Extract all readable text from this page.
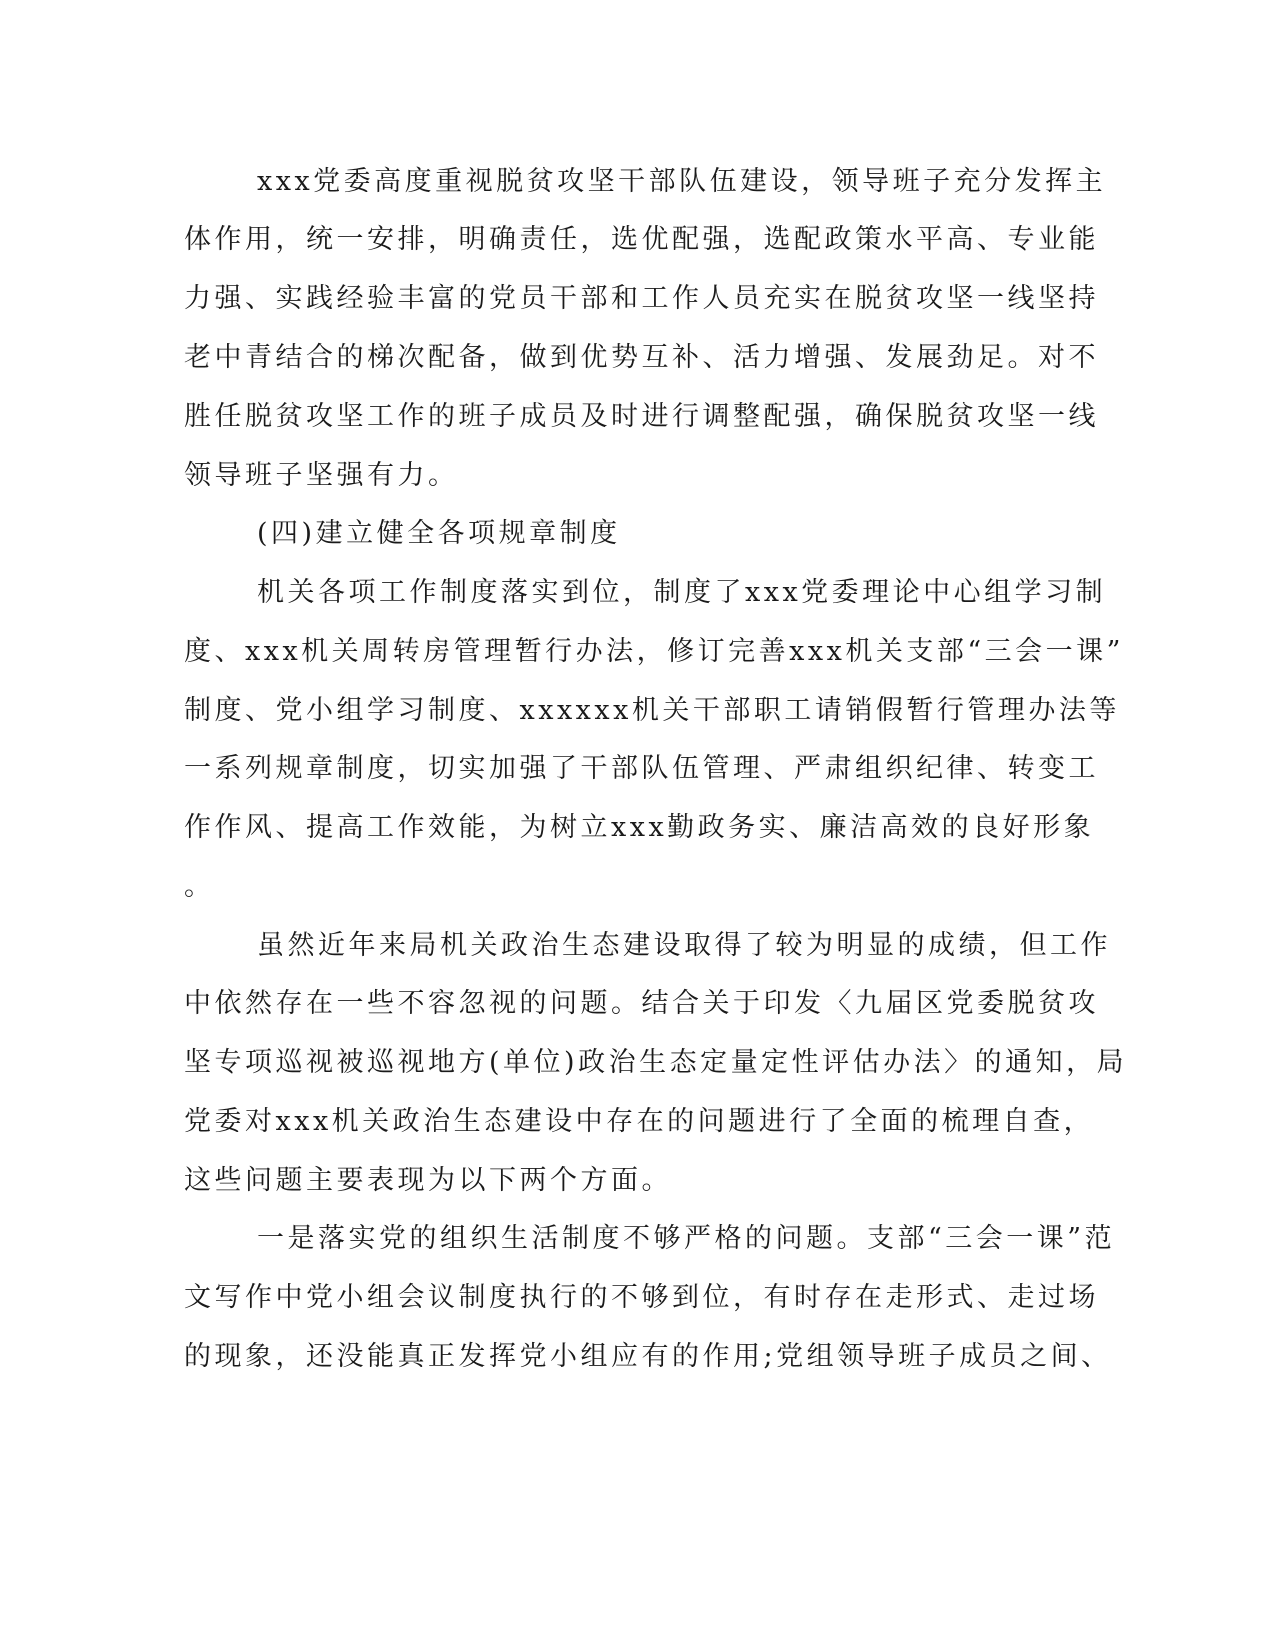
xxx党委高度重视脱贫攻坚干部队伍建设，领导班子充分发挥主
体作用，统一安排，明确责任，选优配强，选配政策水平高、专业能
力强、实践经验丰富的党员干部和工作人员充实在脱贫攻坚一线坚持
老中青结合的梯次配备，做到优势互补、活力增强、发展劲足。对不
胜任脱贫攻坚工作的班子成员及时进行调整配强，确保脱贫攻坚一线
领导班子坚强有力。
(四)建立健全各项规章制度
机关各项工作制度落实到位，制度了xxx党委理论中心组学习制
度、xxx机关周转房管理暂行办法，修订完善xxx机关支部“三会一课”
制度、党小组学习制度、xxxxxx机关干部职工请销假暂行管理办法等
一系列规章制度，切实加强了干部队伍管理、严肃组织纪律、转变工
作作风、提高工作效能，为树立xxx勤政务实、廉洁高效的良好形象
。
虽然近年来局机关政治生态建设取得了较为明显的成绩，但工作
中依然存在一些不容忽视的问题。结合关于印发〈九届区党委脱贫攻
坚专项巡视被巡视地方(单位)政治生态定量定性评估办法〉的通知，局
党委对xxx机关政治生态建设中存在的问题进行了全面的梳理自查，
这些问题主要表现为以下两个方面。
一是落实党的组织生活制度不够严格的问题。支部“三会一课”范
文写作中党小组会议制度执行的不够到位，有时存在走形式、走过场
的现象，还没能真正发挥党小组应有的作用;党组领导班子成员之间、
